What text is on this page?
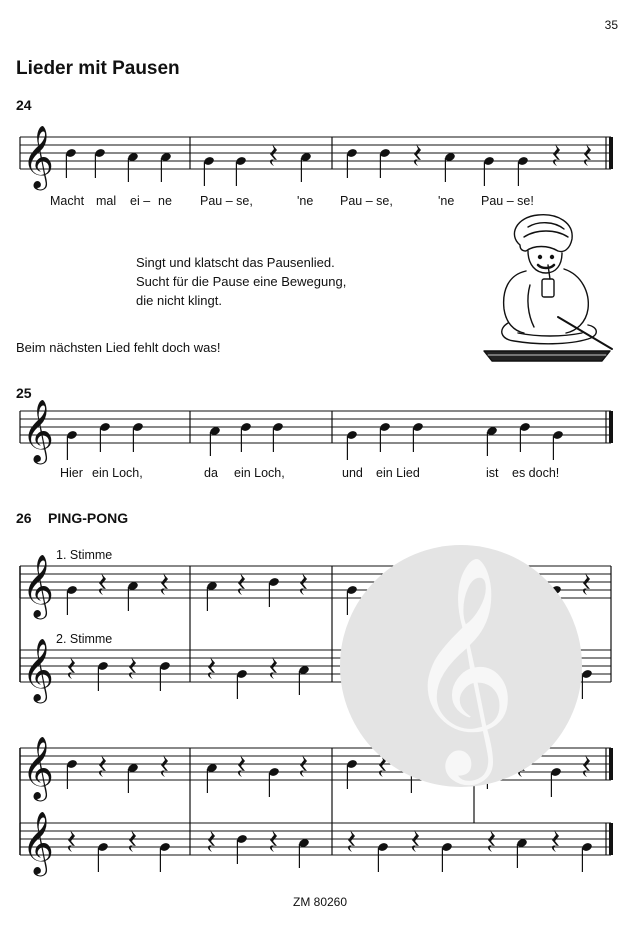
35
Lieder mit Pausen
24
𝄞
𝄞
𝄞
𝄞
𝄞
𝄞
Macht mal ei – ne Pau – se,	'ne Pau – se,	'ne Pau – se!
Singt und klatscht das Pausenlied.
Sucht für die Pause eine Bewegung,
die nicht klingt.
Beim nächsten Lied fehlt doch was!
25
Hier ein Loch,	da ein Loch,	und ein Lied	ist es doch!
26 PING-PONG
𝄞
1. Stimme
2. Stimme
ZM 80260
